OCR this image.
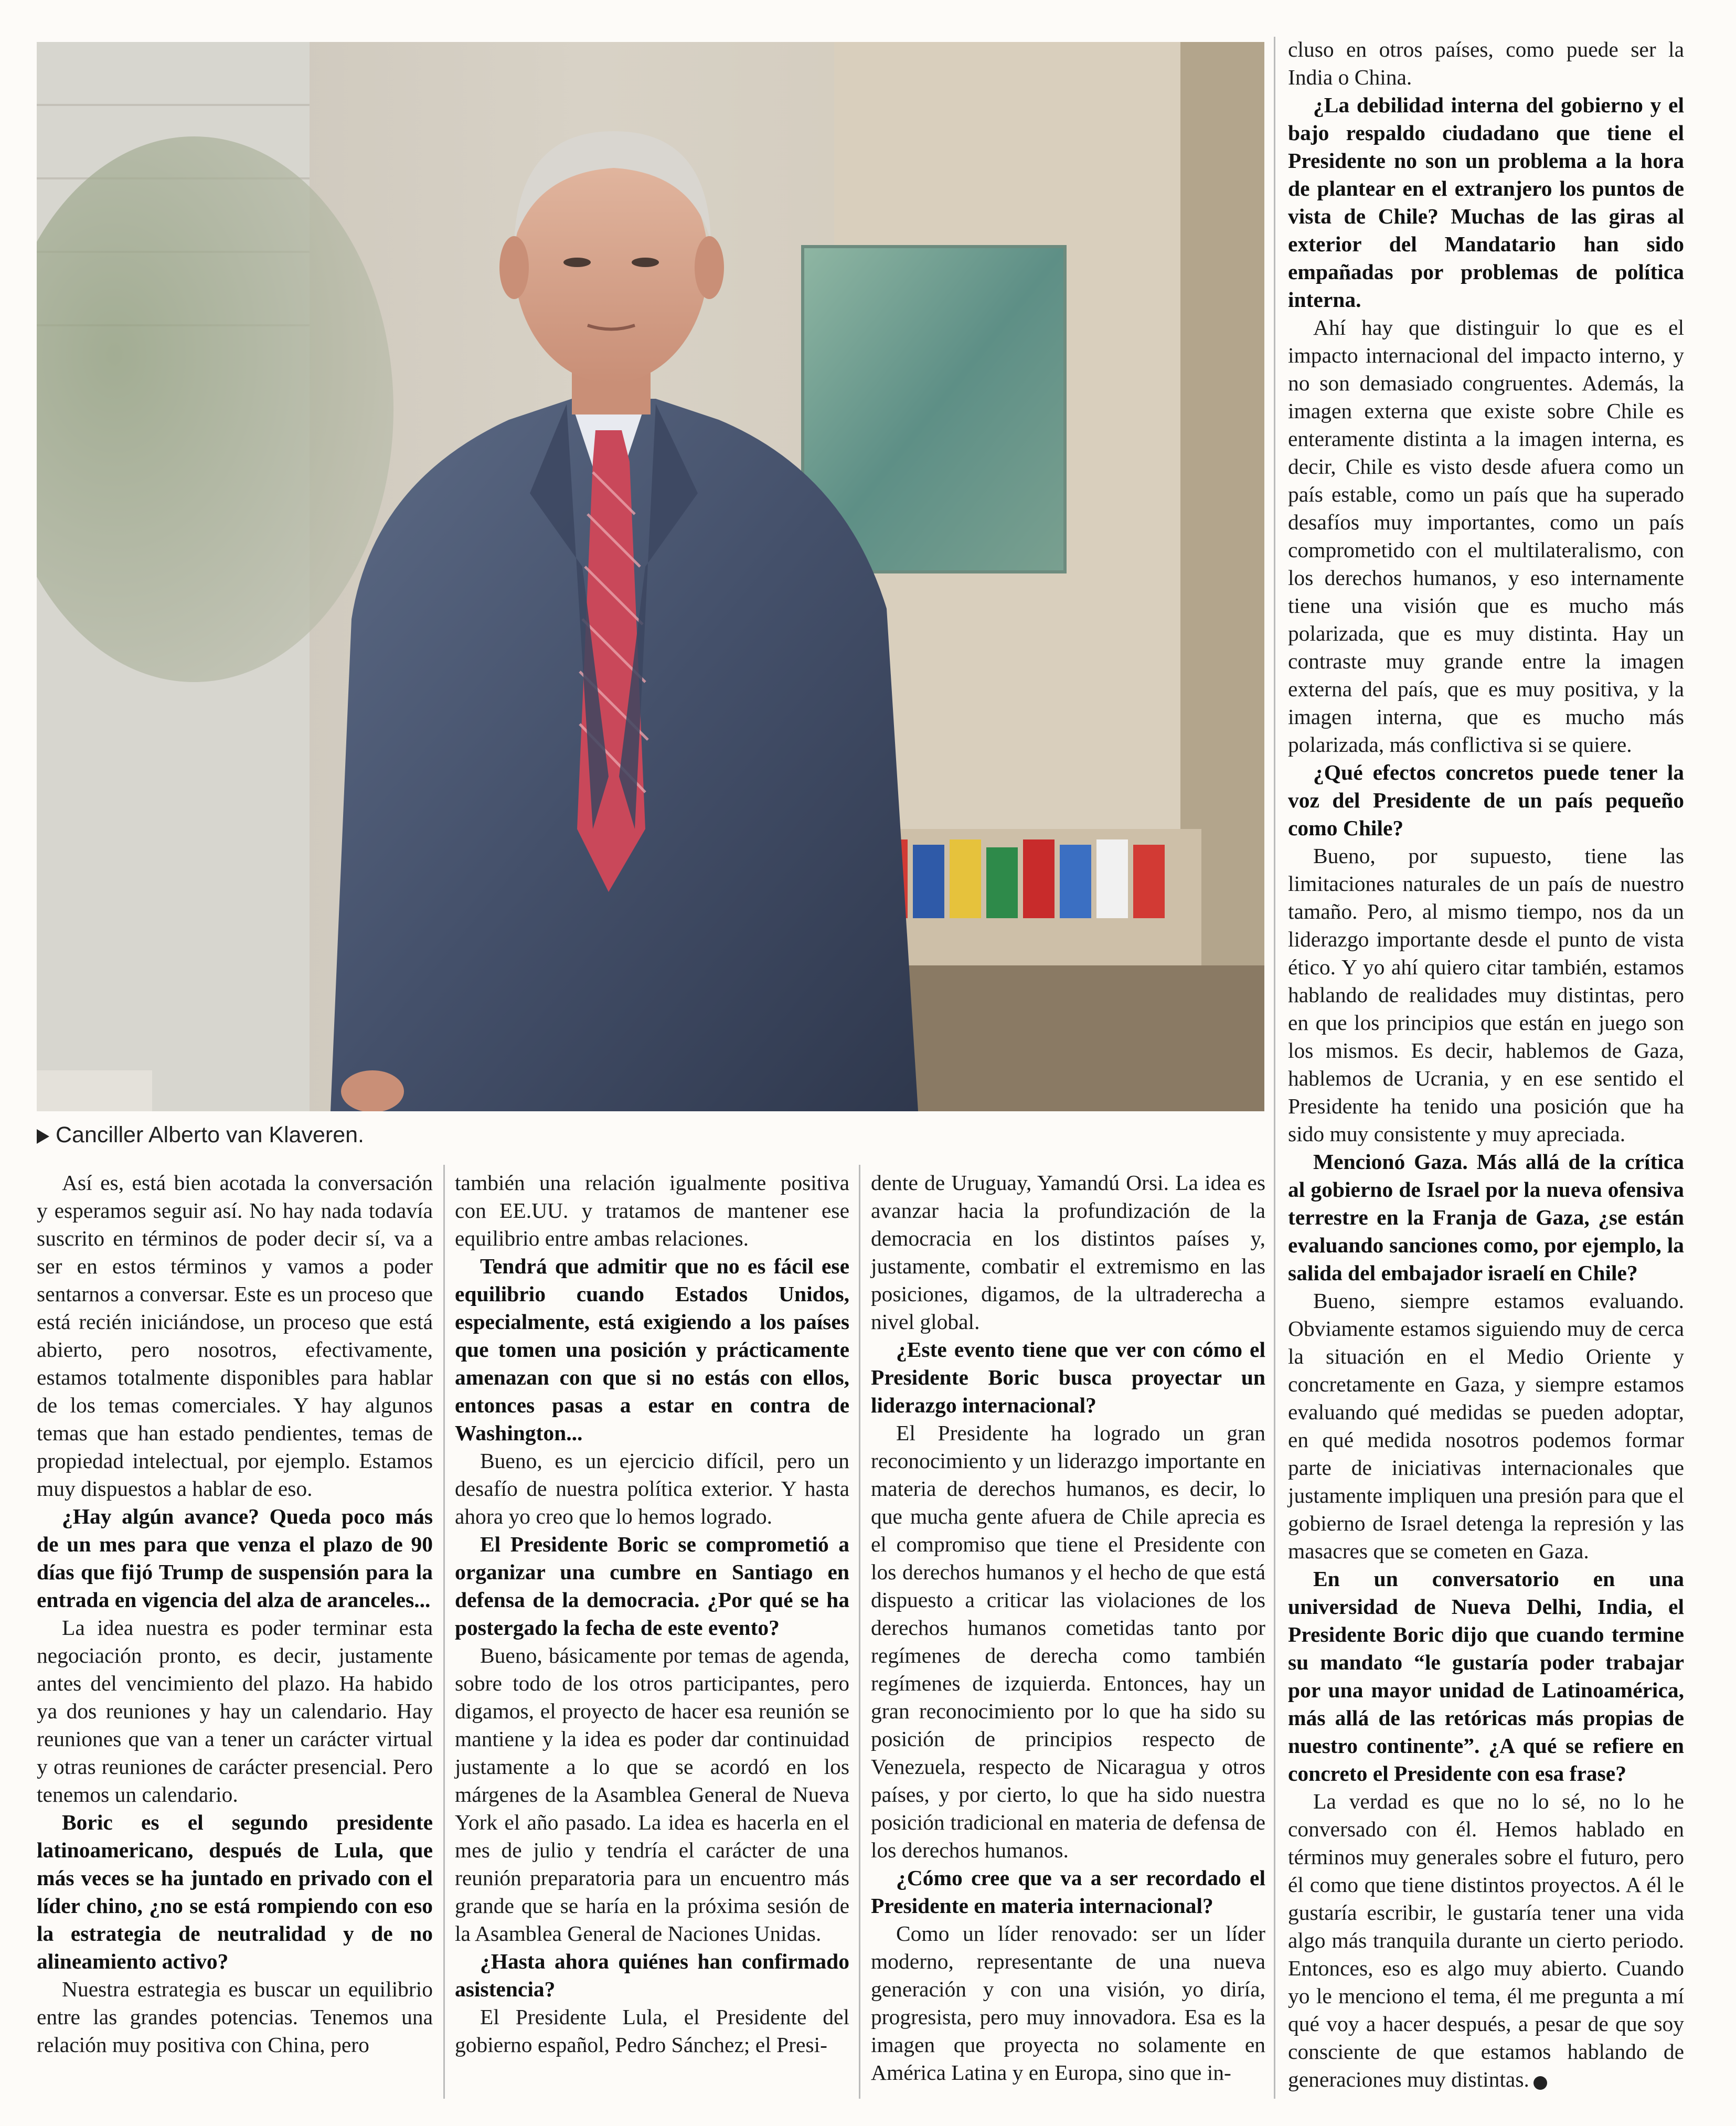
Canciller Alberto van Klaveren.

cluso en otros países, como puede ser la India o China.

¿La debilidad interna del gobierno y el bajo respaldo ciudadano que tiene el Presidente no son un problema a la hora de plantear en el extranjero los puntos de vista de Chile? Muchas de las giras al exterior del Mandatario han sido empañadas por problemas de política interna.

Ahí hay que distinguir lo que es el impacto internacional del impacto interno, y no son demasiado congruentes. Además, la imagen externa que existe sobre Chile es enteramente distinta a la imagen interna, es decir, Chile es visto desde afuera como un país estable, como un país que ha superado desafíos muy importantes, como un país comprometido con el multilateralismo, con los derechos humanos, y eso internamente tiene una visión que es mucho más polarizada, que es muy distinta. Hay un contraste muy grande entre la imagen externa del país, que es muy positiva, y la imagen interna, que es mucho más polarizada, más conflictiva si se quiere.

¿Qué efectos concretos puede tener la voz del Presidente de un país pequeño como Chile?

Bueno, por supuesto, tiene las limitaciones naturales de un país de nuestro tamaño. Pero, al mismo tiempo, nos da un liderazgo importante desde el punto de vista ético. Y yo ahí quiero citar también, estamos hablando de realidades muy distintas, pero en que los principios que están en juego son los mismos. Es decir, hablemos de Gaza, hablemos de Ucrania, y en ese sentido el Presidente ha tenido una posición que ha sido muy consistente y muy apreciada.

Mencionó Gaza. Más allá de la crítica al gobierno de Israel por la nueva ofensiva terrestre en la Franja de Gaza, ¿se están evaluando sanciones como, por ejemplo, la salida del embajador israelí en Chile?

Bueno, siempre estamos evaluando. Obviamente estamos siguiendo muy de cerca la situación en el Medio Oriente y concretamente en Gaza, y siempre estamos evaluando qué medidas se pueden adoptar, en qué medida nosotros podemos formar parte de iniciativas internacionales que justamente impliquen una presión para que el gobierno de Israel detenga la represión y las masacres que se cometen en Gaza.

En un conversatorio en una universidad de Nueva Delhi, India, el Presidente Boric dijo que cuando termine su mandato “le gustaría poder trabajar por una mayor unidad de Latinoamérica, más allá de las retóricas más propias de nuestro continente”. ¿A qué se refiere en concreto el Presidente con esa frase?

La verdad es que no lo sé, no lo he conversado con él. Hemos hablado en términos muy generales sobre el futuro, pero él como que tiene distintos proyectos. A él le gustaría escribir, le gustaría tener una vida algo más tranquila durante un cierto periodo. Entonces, eso es algo muy abierto. Cuando yo le menciono el tema, él me pregunta a mí qué voy a hacer después, a pesar de que soy consciente de que estamos hablando de generaciones muy distintas.	●

Así es, está bien acotada la conversación y esperamos seguir así. No hay nada todavía suscrito en términos de poder decir sí, va a ser en estos términos y vamos a poder sentarnos a conversar. Este es un proceso que está recién iniciándose, un proceso que está abierto, pero nosotros, efectivamente, estamos totalmente disponibles para hablar de los temas comerciales. Y hay algunos temas que han estado pendientes, temas de propiedad intelectual, por ejemplo. Estamos muy dispuestos a hablar de eso.

¿Hay algún avance? Queda poco más de un mes para que venza el plazo de 90 días que fijó Trump de suspensión para la entrada en vigencia del alza de aranceles...

La idea nuestra es poder terminar esta negociación pronto, es decir, justamente antes del vencimiento del plazo. Ha habido ya dos reuniones y hay un calendario. Hay reuniones que van a tener un carácter virtual y otras reuniones de carácter presencial. Pero tenemos un calendario.

Boric es el segundo presidente latinoamericano, después de Lula, que más veces se ha juntado en privado con el líder chino, ¿no se está rompiendo con eso la estrategia de neutralidad y de no alineamiento activo?

Nuestra estrategia es buscar un equilibrio entre las grandes potencias. Tenemos una relación muy positiva con China, pero

también una relación igualmente positiva con EE.UU. y tratamos de mantener ese equilibrio entre ambas relaciones.

Tendrá que admitir que no es fácil ese equilibrio cuando Estados Unidos, especialmente, está exigiendo a los países que tomen una posición y prácticamente amenazan con que si no estás con ellos, entonces pasas a estar en contra de Washington...

Bueno, es un ejercicio difícil, pero un desafío de nuestra política exterior. Y hasta ahora yo creo que lo hemos logrado.

El Presidente Boric se comprometió a organizar una cumbre en Santiago en defensa de la democracia. ¿Por qué se ha postergado la fecha de este evento?

Bueno, básicamente por temas de agenda, sobre todo de los otros participantes, pero digamos, el proyecto de hacer esa reunión se mantiene y la idea es poder dar continuidad justamente a lo que se acordó en los márgenes de la Asamblea General de Nueva York el año pasado. La idea es hacerla en el mes de julio y tendría el carácter de una reunión preparatoria para un encuentro más grande que se haría en la próxima sesión de la Asamblea General de Naciones Unidas.

¿Hasta ahora quiénes han confirmado asistencia?

El Presidente Lula, el Presidente del gobierno español, Pedro Sánchez; el Presi-

dente de Uruguay, Yamandú Orsi. La idea es avanzar hacia la profundización de la democracia en los distintos países y, justamente, combatir el extremismo en las posiciones, digamos, de la ultraderecha a nivel global.

¿Este evento tiene que ver con cómo el Presidente Boric busca proyectar un liderazgo internacional?

El Presidente ha logrado un gran reconocimiento y un liderazgo importante en materia de derechos humanos, es decir, lo que mucha gente afuera de Chile aprecia es el compromiso que tiene el Presidente con los derechos humanos y el hecho de que está dispuesto a criticar las violaciones de los derechos humanos cometidas tanto por regímenes de derecha como también regímenes de izquierda. Entonces, hay un gran reconocimiento por lo que ha sido su posición de principios respecto de Venezuela, respecto de Nicaragua y otros países, y por cierto, lo que ha sido nuestra posición tradicional en materia de defensa de los derechos humanos.

¿Cómo cree que va a ser recordado el Presidente en materia internacional?

Como un líder renovado: ser un líder moderno, representante de una nueva generación y con una visión, yo diría, progresista, pero muy innovadora. Esa es la imagen que proyecta no solamente en América Latina y en Europa, sino que in-
